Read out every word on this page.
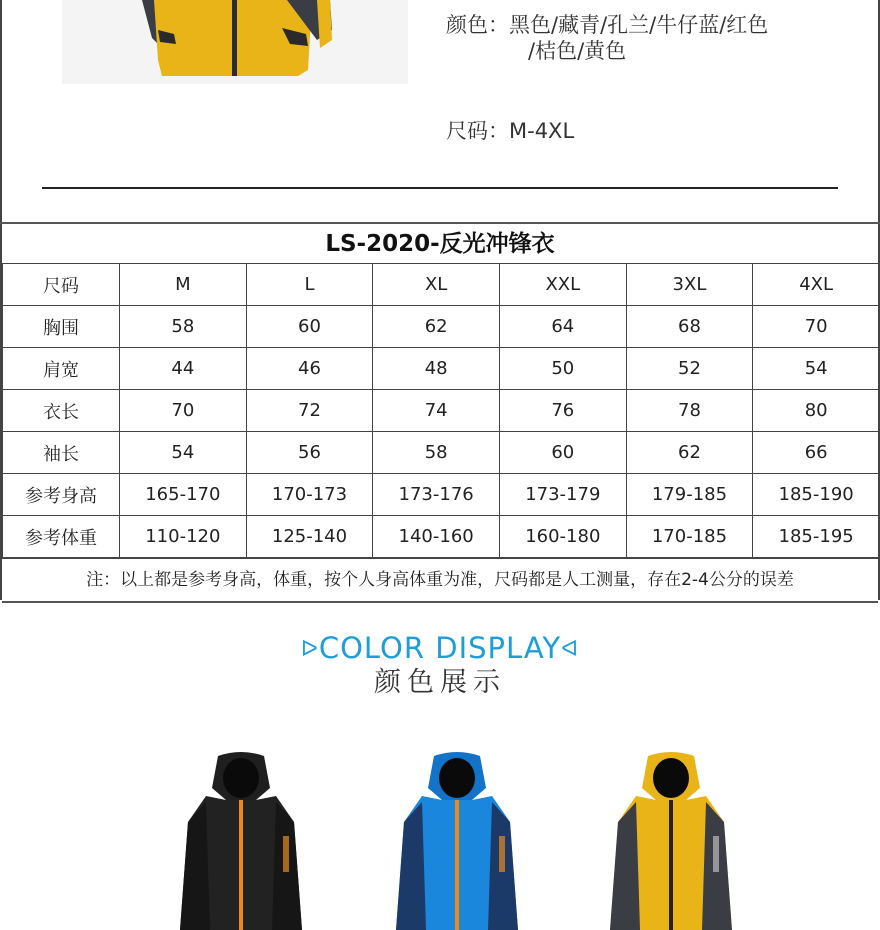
颜色：黑色/藏青/孔兰/牛仔蓝/红色
/桔色/黄色
尺码：M-4XL
LS-2020-反光冲锋衣
尺码	M	L	XL	XXL	3XL	4XL
胸围	58	60	62	64	68	70
肩宽	44	46	48	50	52	54
衣长	70	72	74	76	78	80
袖长	54	56	58	60	62	66
参考身高	165-170	170-173	173-176	173-179	179-185	185-190
参考体重	110-120	125-140	140-160	160-180	170-185	185-195
注：以上都是参考身高，体重，按个人身高体重为准，尺码都是人工测量，存在2-4公分的误差
ᐅCOLOR DISPLAYᐊ
颜色展示
